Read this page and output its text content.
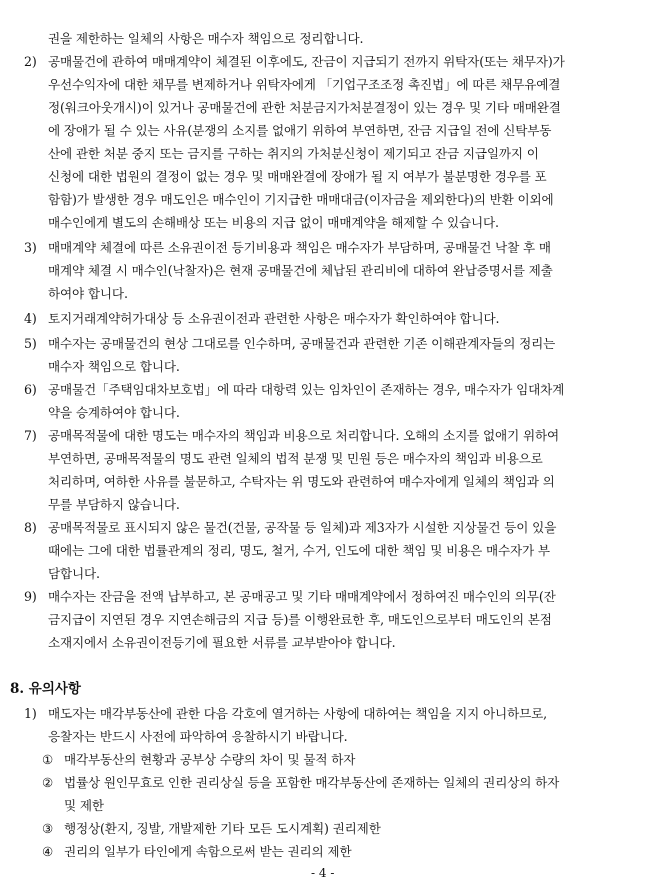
권을 제한하는 일체의 사항은 매수자 책임으로 정리합니다.
2) 공매물건에 관하여 매매계약이 체결된 이후에도, 잔금이 지급되기 전까지 위탁자(또는 채무자)가
우선수익자에 대한 채무를 변제하거나 위탁자에게 「기업구조조정 촉진법」에 따른 채무유예결
정(워크아웃개시)이 있거나 공매물건에 관한 처분금지가처분결정이 있는 경우 및 기타 매매완결
에 장애가 될 수 있는 사유(분쟁의 소지를 없애기 위하여 부연하면, 잔금 지급일 전에 신탁부동
산에 관한 처분 중지 또는 금지를 구하는 취지의 가처분신청이 제기되고 잔금 지급일까지 이
신청에 대한 법원의 결정이 없는 경우 및 매매완결에 장애가 될 지 여부가 불분명한 경우를 포
함함)가 발생한 경우 매도인은 매수인이 기지급한 매매대금(이자금을 제외한다)의 반환 이외에
매수인에게 별도의 손해배상 또는 비용의 지급 없이 매매계약을 해제할 수 있습니다.
3) 매매계약 체결에 따른 소유권이전 등기비용과 책임은 매수자가 부담하며, 공매물건 낙찰 후 매
매계약 체결 시 매수인(낙찰자)은 현재 공매물건에 체납된 관리비에 대하여 완납증명서를 제출
하여야 합니다.
4) 토지거래계약허가대상 등 소유권이전과 관련한 사항은 매수자가 확인하여야 합니다.
5) 매수자는 공매물건의 현상 그대로를 인수하며, 공매물건과 관련한 기존 이해관계자들의 정리는
매수자 책임으로 합니다.
6) 공매물건「주택임대차보호법」에 따라 대항력 있는 임차인이 존재하는 경우, 매수자가 임대차계
약을 승계하여야 합니다.
7) 공매목적물에 대한 명도는 매수자의 책임과 비용으로 처리합니다. 오해의 소지를 없애기 위하여
부연하면, 공매목적물의 명도 관련 일체의 법적 분쟁 및 민원 등은 매수자의 책임과 비용으로
처리하며, 여하한 사유를 불문하고, 수탁자는 위 명도와 관련하여 매수자에게 일체의 책임과 의
무를 부담하지 않습니다.
8) 공매목적물로 표시되지 않은 물건(건물, 공작물 등 일체)과 제3자가 시설한 지상물건 등이 있을
때에는 그에 대한 법률관계의 정리, 명도, 철거, 수거, 인도에 대한 책임 및 비용은 매수자가 부
담합니다.
9) 매수자는 잔금을 전액 납부하고, 본 공매공고 및 기타 매매계약에서 정하여진 매수인의 의무(잔
금지급이 지연된 경우 지연손해금의 지급 등)를 이행완료한 후, 매도인으로부터 매도인의 본점
소재지에서 소유권이전등기에 필요한 서류를 교부받아야 합니다.
8. 유의사항
1) 매도자는 매각부동산에 관한 다음 각호에 열거하는 사항에 대하여는 책임을 지지 아니하므로,
응찰자는 반드시 사전에 파악하여 응찰하시기 바랍니다.
① 매각부동산의 현황과 공부상 수량의 차이 및 물적 하자
② 법률상 원인무효로 인한 권리상실 등을 포함한 매각부동산에 존재하는 일체의 권리상의 하자
및 제한
③ 행정상(환지, 징발, 개발제한 기타 모든 도시계획) 권리제한
④ 권리의 일부가 타인에게 속함으로써 받는 권리의 제한
- 4 -
